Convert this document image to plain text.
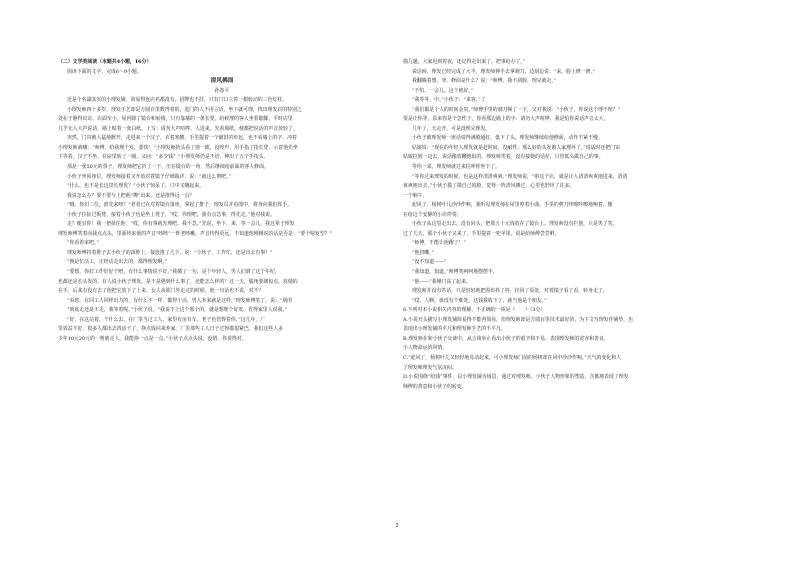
（二）文学类阅读（本题共4小题，16分）

阅读下面的文字，完成6～9小题。

清风拂面

孙春平

近是个名副其实的小理发铺，简易得连店名都没有，招牌也不挂，只有门口立着一根转动的三色灯柱。

小理发师四十多岁，理发手艺却是方圆百里数得着的。进门的人不用言语，坐下就可理，找出理发店的特别之

处在于静得出奇。店面窄小，屋内除了镜台和转椅，只有靠墙的一条长凳，给候理的客人坐着歇脚。平时店里

几乎无人大声说话，墙上贴着一张白纸，上写：请勿大声喧哗。人进来，先看那纸，便都把说话的声音放轻了。

突然，门帘被人猛地掀开，走进来一个汉子，衣着寒酸，手里提着一个破旧的布包，也不看墙上的字，冲着

小理发师就嚷：“师傅，给我理个发，要快！”小理发师抬头看了他一眼，没吱声，用手指了指长凳，示意他先坐

下等着。汉子不坐，在屋里转了一圈，又问：“多少钱？”小理发师仍是不语，伸出了五个手指头。

那是一张50元的票子，理发师把它折了一下，压在镜台的一角，然后继续给前面的客人修面。

小伙子坐回座位，理发师接着又开始对着镜子仔细端详，说：“就这么剪吧。”

“什么，也不是长这里长理发？”小伙子惊呆了，口中又嚷起来。

我说怎么办？要不要与上把他“撵”出来，还是推得远一点？

“哦，你们二位，谁先来呀？”老者已在对着镜台落座，拿起了推子，理发员并看图中，将身向我们挥手。

小伙子拉扯过板凳，接着小伙子也是坐上凳子，“哎，你理吧。我有点急事，得先走。”他对我说。

走？便宜你！我一把扯住他：“哎，你有事就先理吧。我不急。”先说，坐下，来，等一会儿，我这辈子理发

理发师傅笑着向我点点头，里面传来他的声音“咳咳”一阵老咳嗽，声音传得更远，不知道他刚刚说的话是否是：“要个啥发型？”

“你看着来吧。”

理发师傅持着推子去小伙子的颈脖上，接连推了几下，说：“小伙子，工作忙，还是出去有事？”

“换是忙活工，正经店走出去的，都得理发啊。”

“要想，你好工作好好干吧，有什么事情说不好。”我插了一句，是个年轻人，男人们到了这个年纪，

也都还是长头发的。有人说小伙子理发，是不是遇到什么事了，还能怎么样的？这一天，鬓角要剃短点，发梢的

在手，后来有没有去了他把它放下了上来。女人从那门外走过的时候，他一句话也不说，对不？

“看您，在同工人同样出力的，有什么不一样，都得干活，男人本来就是这样。”理发师傅笑了，说：“别的

“到底走还是不走，我等着呢。”小伙子说，“我说不上这个那个的，就是想理个好发，省得家里人说我。”

“好，在这站着，干什么去，在厂里当过工人，家里有房有车，老子也管得着你，”这几年，厂

里效益不好，很多人都出去找活干了，挣点钱回来养家。厂里那些工人日子过得都很紧巴，我们这些人多

少年10元20元的一剪就走人，我能挣一点是一点。”小伙子点点头说，没错，你说得对。

描几趟。大家迟到着夜，还记得走出来了。把事给办了。”

说话间，理发已经完成了大半，理发师伸手去拿剃刀，边刮边说：“来，脸上修一修。”

我翻腾着想，爷，修面是什么？说：“师傅，我不刮脸，理完就走。”

“不怕，一会儿，这个就好。”

“我等等，中。”小伙子：“来客。”了

“我们都是个人的时间金贵。”师傅手里的剃刀顿了一下，又对我说：“小伙子，你说这个理不理？”

要是让你等，原来你是个急性子。你看那边墙上的字：请勿大声喧哗，我是怕你说话声音太大，

几年了，天走开，可是没理完理发。

小伙子被理发师一席话说得满脸通红，低下了头。理发师继续给他修面，动作不紧不慢。

姑娘说：“现在的年轻人理发就是赶时间，没耐性，那么好的头发被人家理坏了。”说话时还把门帘

姑娘拉到一边去，说话像放鞭炮似的，理发师笑着，没有接她的话茬，只管低头做自己的事。

等你一来，理发师就过来招呼你坐下了。

“等你过来理发的时候，也是这样清清爽爽。”理发师说，“咱这个店，就是让人清清爽爽地进来，清清

爽爽地出去。”小伙子摸了摸自己的脸，觉得一阵清风拂过，心里也舒坦了许多。

一个晌午，

起风了，杨树叶儿沙沙作响，我听见理发师在屋里哼着小曲，手里的剪刀咔嚓咔嚓地响着，像

在给这个安静的小店伴奏。

小伙子从这里走出去，没有回头，把那五十元钱放在了镜台上。理发师没有拦他，只是笑了笑。

过了几天，那个小伙子又来了，手里提着一兜苹果，说是给师傅尝尝鲜。

“师傅，不能让他跑了！”

“他扭嘞。”

“没不知道——”

“我知道，知道。”师傅笑呵呵地摆摆手，

“他——”我嗓门高了起来。

理发师并没有答话，只是轻轻地把围布抖了抖，挂回了原处，对着镜子看了看，转身走了。

“哎，人啊，谁没有个难处。这钱我收下了，就当他是个朋友。”

6.下列对本小说相关内容的理解，不正确的一项是（　　）（3分）

A.小说开头描写小理发铺简易得不能再简易，但理发师却是方圆百里技术最好的，为下文写理发作铺垫，也

表现出小理发铺的平凡和理发师手艺的不平凡。

B.理发师在和小伙子交谈中，从言谈举止看出小伙子的艰辛和不易，表现理发师的宽容和善良。

小人物命运的同情。

C.“起风了，杨树叶儿又轻轻地晃动起来，可小理发师门前的杨树却在风中沙沙作响。”天气的变化和人

了理发师理发气氛沉闷。

D.小说围绕“给钱”事件，以小理发铺为场景，通过对理发师、小伙子人物形象的塑造，含蓄地表现了理发

师傅的善意和小伙子的转变。

2
